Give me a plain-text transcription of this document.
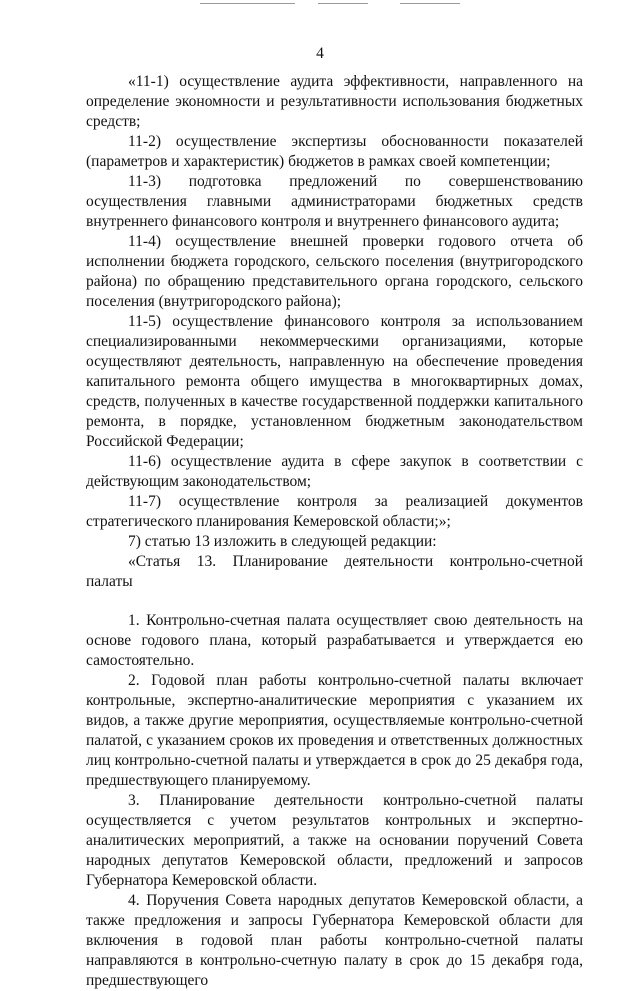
4

«11-1) осуществление аудита эффективности, направленного на определение экономности и результативности использования бюджетных средств;

11-2) осуществление экспертизы обоснованности показателей (параметров и характеристик) бюджетов в рамках своей компетенции;

11-3) подготовка предложений по совершенствованию осуществления главными администраторами бюджетных средств внутреннего финансового контроля и внутреннего финансового аудита;

11-4) осуществление внешней проверки годового отчета об исполнении бюджета городского, сельского поселения (внутригородского района) по обращению представительного органа городского, сельского поселения (внутригородского района);

11-5) осуществление финансового контроля за использованием специализированными некоммерческими организациями, которые осуществляют деятельность, направленную на обеспечение проведения капитального ремонта общего имущества в многоквартирных домах, средств, полученных в качестве государственной поддержки капитального ремонта, в порядке, установленном бюджетным законодательством Российской Федерации;

11-6) осуществление аудита в сфере закупок в соответствии с действующим законодательством;

11-7) осуществление контроля за реализацией документов стратегического планирования Кемеровской области;»;

7) статью 13 изложить в следующей редакции:

«Статья 13. Планирование деятельности контрольно-счетной палаты

1. Контрольно-счетная палата осуществляет свою деятельность на основе годового плана, который разрабатывается и утверждается ею самостоятельно.

2. Годовой план работы контрольно-счетной палаты включает контрольные, экспертно-аналитические мероприятия с указанием их видов, а также другие мероприятия, осуществляемые контрольно-счетной палатой, с указанием сроков их проведения и ответственных должностных лиц контрольно-счетной палаты и утверждается в срок до 25 декабря года, предшествующего планируемому.

3. Планирование деятельности контрольно-счетной палаты осуществляется с учетом результатов контрольных и экспертно-аналитических мероприятий, а также на основании поручений Совета народных депутатов Кемеровской области, предложений и запросов Губернатора Кемеровской области.

4. Поручения Совета народных депутатов Кемеровской области, а также предложения и запросы Губернатора Кемеровской области для включения в годовой план работы контрольно-счетной палаты направляются в контрольно-счетную палату в срок до 15 декабря года, предшествующего
